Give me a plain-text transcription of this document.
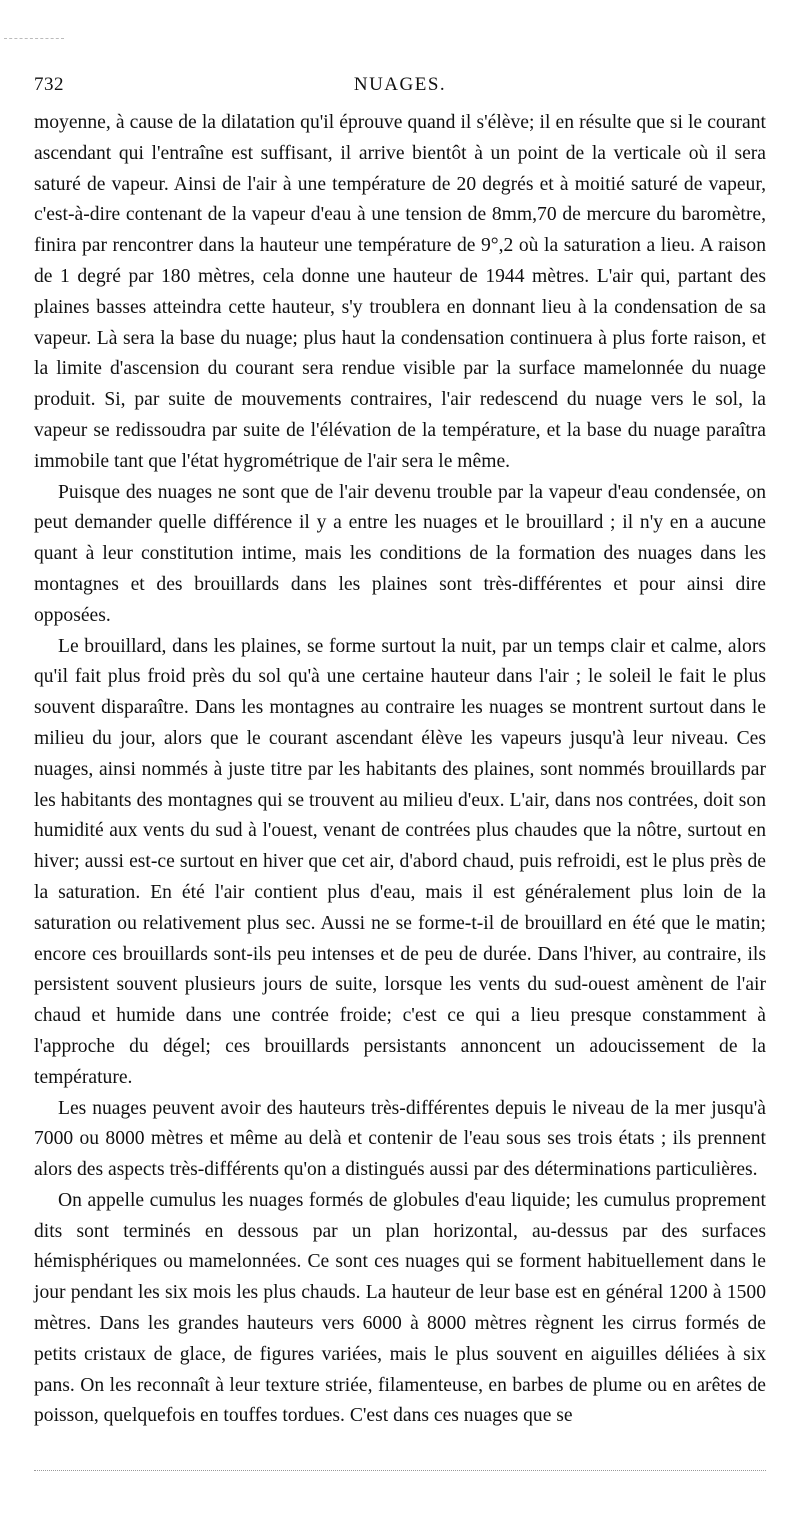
732	NUAGES.

moyenne, à cause de la dilatation qu'il éprouve quand il s'élève; il en résulte que si le courant ascendant qui l'entraîne est suffisant, il arrive bientôt à un point de la verticale où il sera saturé de vapeur. Ainsi de l'air à une température de 20 degrés et à moitié saturé de vapeur, c'est-à-dire contenant de la vapeur d'eau à une tension de 8mm,70 de mercure du baromètre, finira par rencontrer dans la hauteur une température de 9°,2 où la saturation a lieu. A raison de 1 degré par 180 mètres, cela donne une hauteur de 1944 mètres. L'air qui, partant des plaines basses atteindra cette hauteur, s'y troublera en donnant lieu à la condensation de sa vapeur. Là sera la base du nuage; plus haut la condensation continuera à plus forte raison, et la limite d'ascension du courant sera rendue visible par la surface mamelonnée du nuage produit. Si, par suite de mouvements contraires, l'air redescend du nuage vers le sol, la vapeur se redissoudra par suite de l'élévation de la température, et la base du nuage paraîtra immobile tant que l'état hygrométrique de l'air sera le même.

Puisque des nuages ne sont que de l'air devenu trouble par la vapeur d'eau condensée, on peut demander quelle différence il y a entre les nuages et le brouillard ; il n'y en a aucune quant à leur constitution intime, mais les conditions de la formation des nuages dans les montagnes et des brouillards dans les plaines sont très-différentes et pour ainsi dire opposées.

Le brouillard, dans les plaines, se forme surtout la nuit, par un temps clair et calme, alors qu'il fait plus froid près du sol qu'à une certaine hauteur dans l'air ; le soleil le fait le plus souvent disparaître. Dans les montagnes au contraire les nuages se montrent surtout dans le milieu du jour, alors que le courant ascendant élève les vapeurs jusqu'à leur niveau. Ces nuages, ainsi nommés à juste titre par les habitants des plaines, sont nommés brouillards par les habitants des montagnes qui se trouvent au milieu d'eux. L'air, dans nos contrées, doit son humidité aux vents du sud à l'ouest, venant de contrées plus chaudes que la nôtre, surtout en hiver; aussi est-ce surtout en hiver que cet air, d'abord chaud, puis refroidi, est le plus près de la saturation. En été l'air contient plus d'eau, mais il est généralement plus loin de la saturation ou relativement plus sec. Aussi ne se forme-t-il de brouillard en été que le matin; encore ces brouillards sont-ils peu intenses et de peu de durée. Dans l'hiver, au contraire, ils persistent souvent plusieurs jours de suite, lorsque les vents du sud-ouest amènent de l'air chaud et humide dans une contrée froide; c'est ce qui a lieu presque constamment à l'approche du dégel; ces brouillards persistants annoncent un adoucissement de la température.

Les nuages peuvent avoir des hauteurs très-différentes depuis le niveau de la mer jusqu'à 7000 ou 8000 mètres et même au delà et contenir de l'eau sous ses trois états ; ils prennent alors des aspects très-différents qu'on a distingués aussi par des déterminations particulières.

On appelle cumulus les nuages formés de globules d'eau liquide; les cumulus proprement dits sont terminés en dessous par un plan horizontal, au-dessus par des surfaces hémisphériques ou mamelonnées. Ce sont ces nuages qui se forment habituellement dans le jour pendant les six mois les plus chauds. La hauteur de leur base est en général 1200 à 1500 mètres. Dans les grandes hauteurs vers 6000 à 8000 mètres règnent les cirrus formés de petits cristaux de glace, de figures variées, mais le plus souvent en aiguilles déliées à six pans. On les reconnaît à leur texture striée, filamenteuse, en barbes de plume ou en arêtes de poisson, quelquefois en touffes tordues. C'est dans ces nuages que se
